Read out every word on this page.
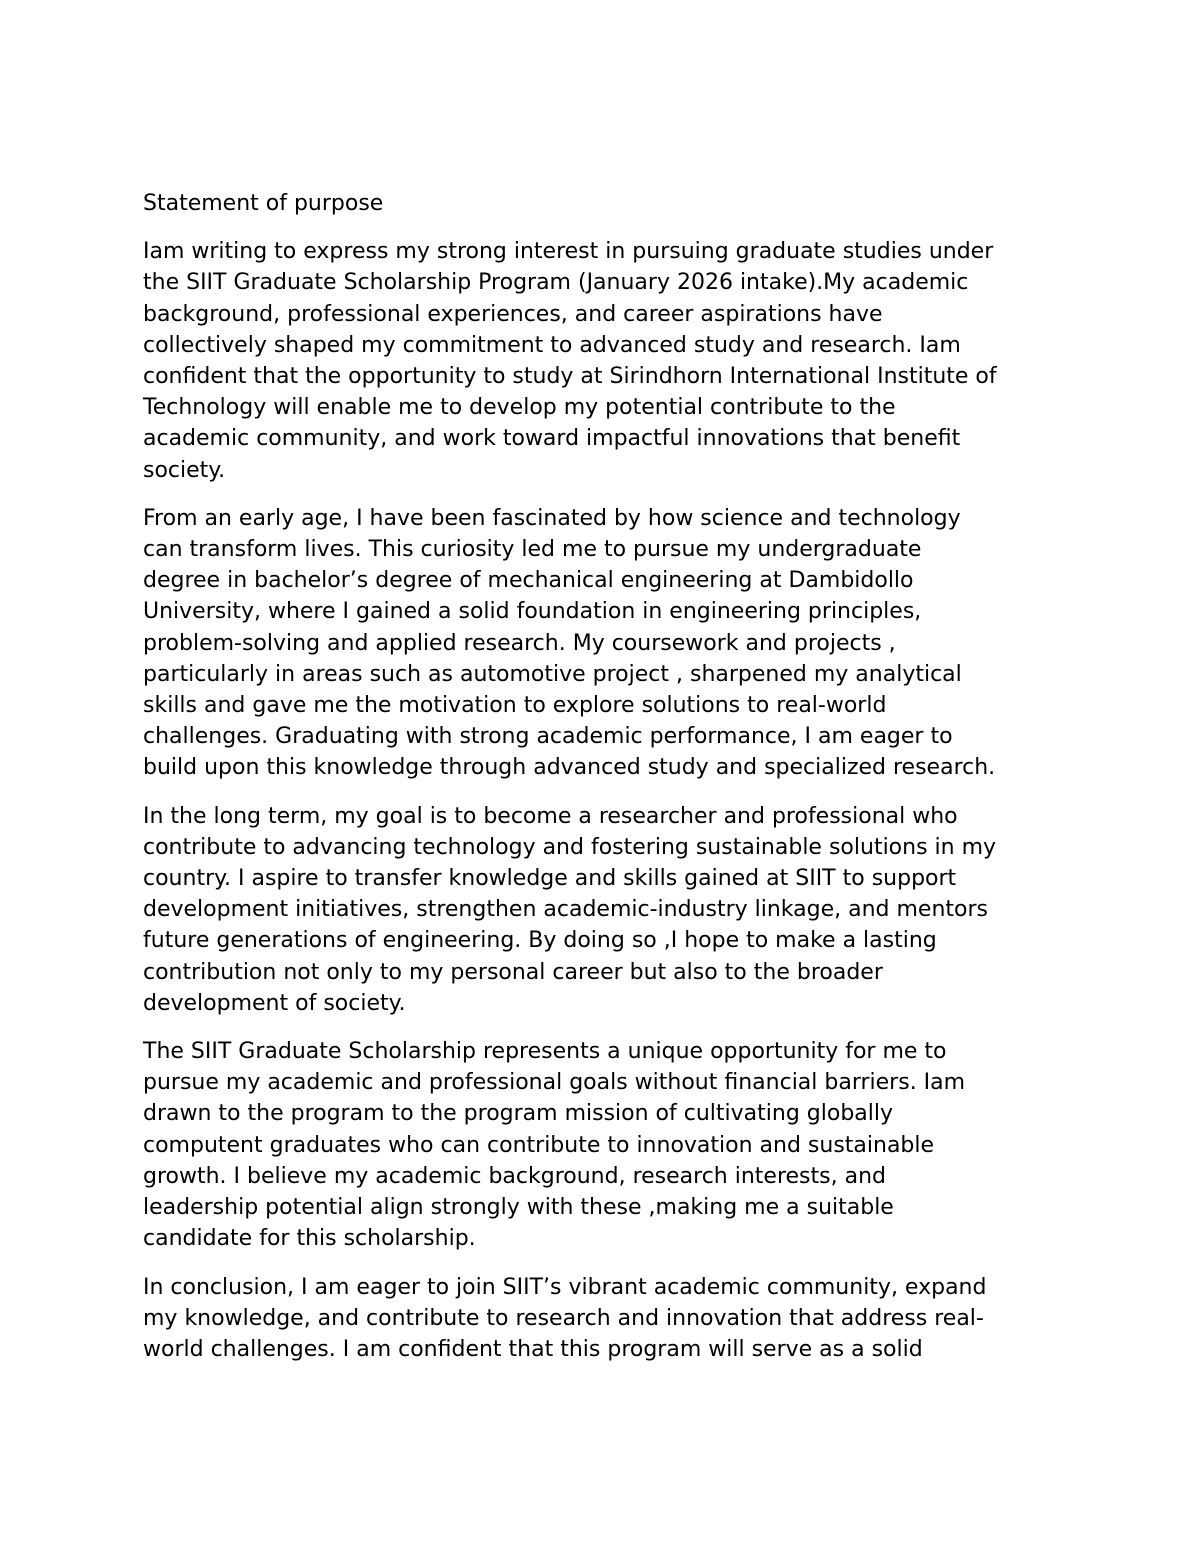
Statement of purpose
Iam writing to express my strong interest in pursuing graduate studies under
the SIIT Graduate Scholarship Program (January 2026 intake).My academic
background, professional experiences, and career aspirations have
collectively shaped my commitment to advanced study and research. Iam
confident that the opportunity to study at Sirindhorn International Institute of
Technology will enable me to develop my potential contribute to the
academic community, and work toward impactful innovations that benefit
society.
From an early age, I have been fascinated by how science and technology
can transform lives. This curiosity led me to pursue my undergraduate
degree in bachelor’s degree of mechanical engineering at Dambidollo
University, where I gained a solid foundation in engineering principles,
problem-solving and applied research. My coursework and projects ,
particularly in areas such as automotive project , sharpened my analytical
skills and gave me the motivation to explore solutions to real-world
challenges. Graduating with strong academic performance, I am eager to
build upon this knowledge through advanced study and specialized research.
In the long term, my goal is to become a researcher and professional who
contribute to advancing technology and fostering sustainable solutions in my
country. I aspire to transfer knowledge and skills gained at SIIT to support
development initiatives, strengthen academic-industry linkage, and mentors
future generations of engineering. By doing so ,I hope to make a lasting
contribution not only to my personal career but also to the broader
development of society.
The SIIT Graduate Scholarship represents a unique opportunity for me to
pursue my academic and professional goals without financial barriers. Iam
drawn to the program to the program mission of cultivating globally
computent graduates who can contribute to innovation and sustainable
growth. I believe my academic background, research interests, and
leadership potential align strongly with these ,making me a suitable
candidate for this scholarship.
In conclusion, I am eager to join SIIT’s vibrant academic community, expand
my knowledge, and contribute to research and innovation that address real-
world challenges. I am confident that this program will serve as a solid
